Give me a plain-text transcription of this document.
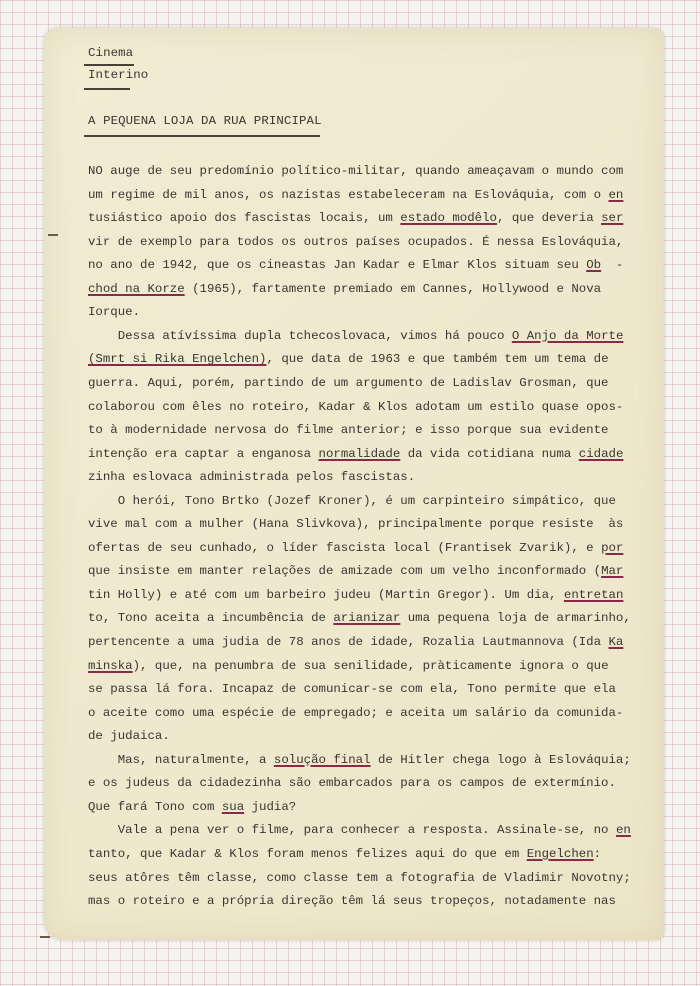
Cinema
Interino
A PEQUENA LOJA DA RUA PRINCIPAL
NO auge de seu predomínio político-militar, quando ameaçavam o mundo com
um regime de mil anos, os nazistas estabeleceram na Eslováquia, com o en
tusiástico apoio dos fascistas locais, um estado modêlo, que deveria ser
vir de exemplo para todos os outros países ocupados. É nessa Eslováquia,
no ano de 1942, que os cineastas Jan Kadar e Elmar Klos situam seu Ob  -
chod na Korze (1965), fartamente premiado em Cannes, Hollywood e Nova
Iorque.
Dessa atívíssima dupla tchecoslovaca, vimos há pouco O Anjo da Morte
(Smrt si Rika Engelchen), que data de 1963 e que também tem um tema de
guerra. Aqui, porém, partindo de um argumento de Ladislav Grosman, que
colaborou com êles no roteiro, Kadar & Klos adotam um estilo quase opos-
to à modernidade nervosa do filme anterior; e isso porque sua evidente
intenção era captar a enganosa normalidade da vida cotidiana numa cidade
zinha eslovaca administrada pelos fascistas.
O herói, Tono Brtko (Jozef Kroner), é um carpinteiro simpático, que
vive mal com a mulher (Hana Slivkova), principalmente porque resiste  às
ofertas de seu cunhado, o líder fascista local (Frantisek Zvarik), e por
que insiste em manter relações de amizade com um velho inconformado (Mar
tin Holly) e até com um barbeiro judeu (Martin Gregor). Um dia, entretan
to, Tono aceita a incumbência de arianizar uma pequena loja de armarinho,
pertencente a uma judia de 78 anos de idade, Rozalia Lautmannova (Ida Ka
minska), que, na penumbra de sua senilidade, pràticamente ignora o que
se passa lá fora. Incapaz de comunicar-se com ela, Tono permite que ela
o aceite como uma espécie de empregado; e aceita um salário da comunida-
de judaica.
Mas, naturalmente, a solução final de Hitler chega logo à Eslováquia;
e os judeus da cidadezinha são embarcados para os campos de extermínio.
Que fará Tono com sua judia?
Vale a pena ver o filme, para conhecer a resposta. Assinale-se, no en
tanto, que Kadar & Klos foram menos felizes aqui do que em Engelchen:
seus atôres têm classe, como classe tem a fotografia de Vladimir Novotny;
mas o roteiro e a própria direção têm lá seus tropeços, notadamente nas
